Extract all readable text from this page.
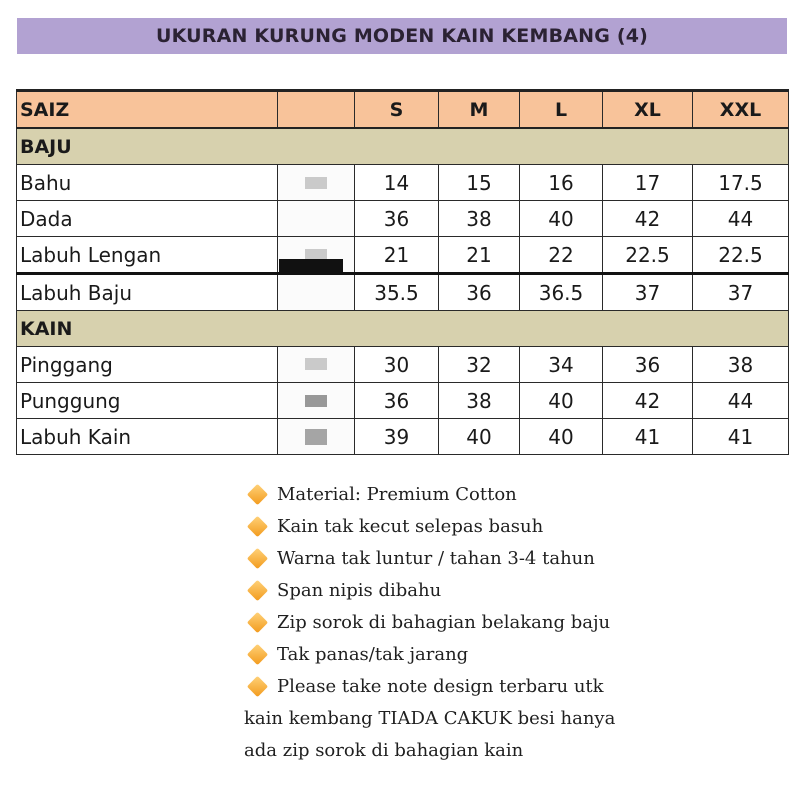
UKURAN KURUNG MODEN KAIN KEMBANG (4)
SAIZ		S	M	L	XL	XXL
BAJU						
Bahu		14	15	16	17	17.5
Dada		36	38	40	42	44
Labuh Lengan		21	21	22	22.5	22.5
Labuh Baju		35.5	36	36.5	37	37
KAIN						
Pinggang		30	32	34	36	38
Punggung		36	38	40	42	44
Labuh Kain		39	40	40	41	41
Material: Premium Cotton
Kain tak kecut selepas basuh
Warna tak luntur / tahan 3-4 tahun
Span nipis dibahu
Zip sorok di bahagian belakang baju
Tak panas/tak jarang
Please take note design terbaru utk
kain kembang TIADA CAKUK besi hanya
ada zip sorok di bahagian kain
